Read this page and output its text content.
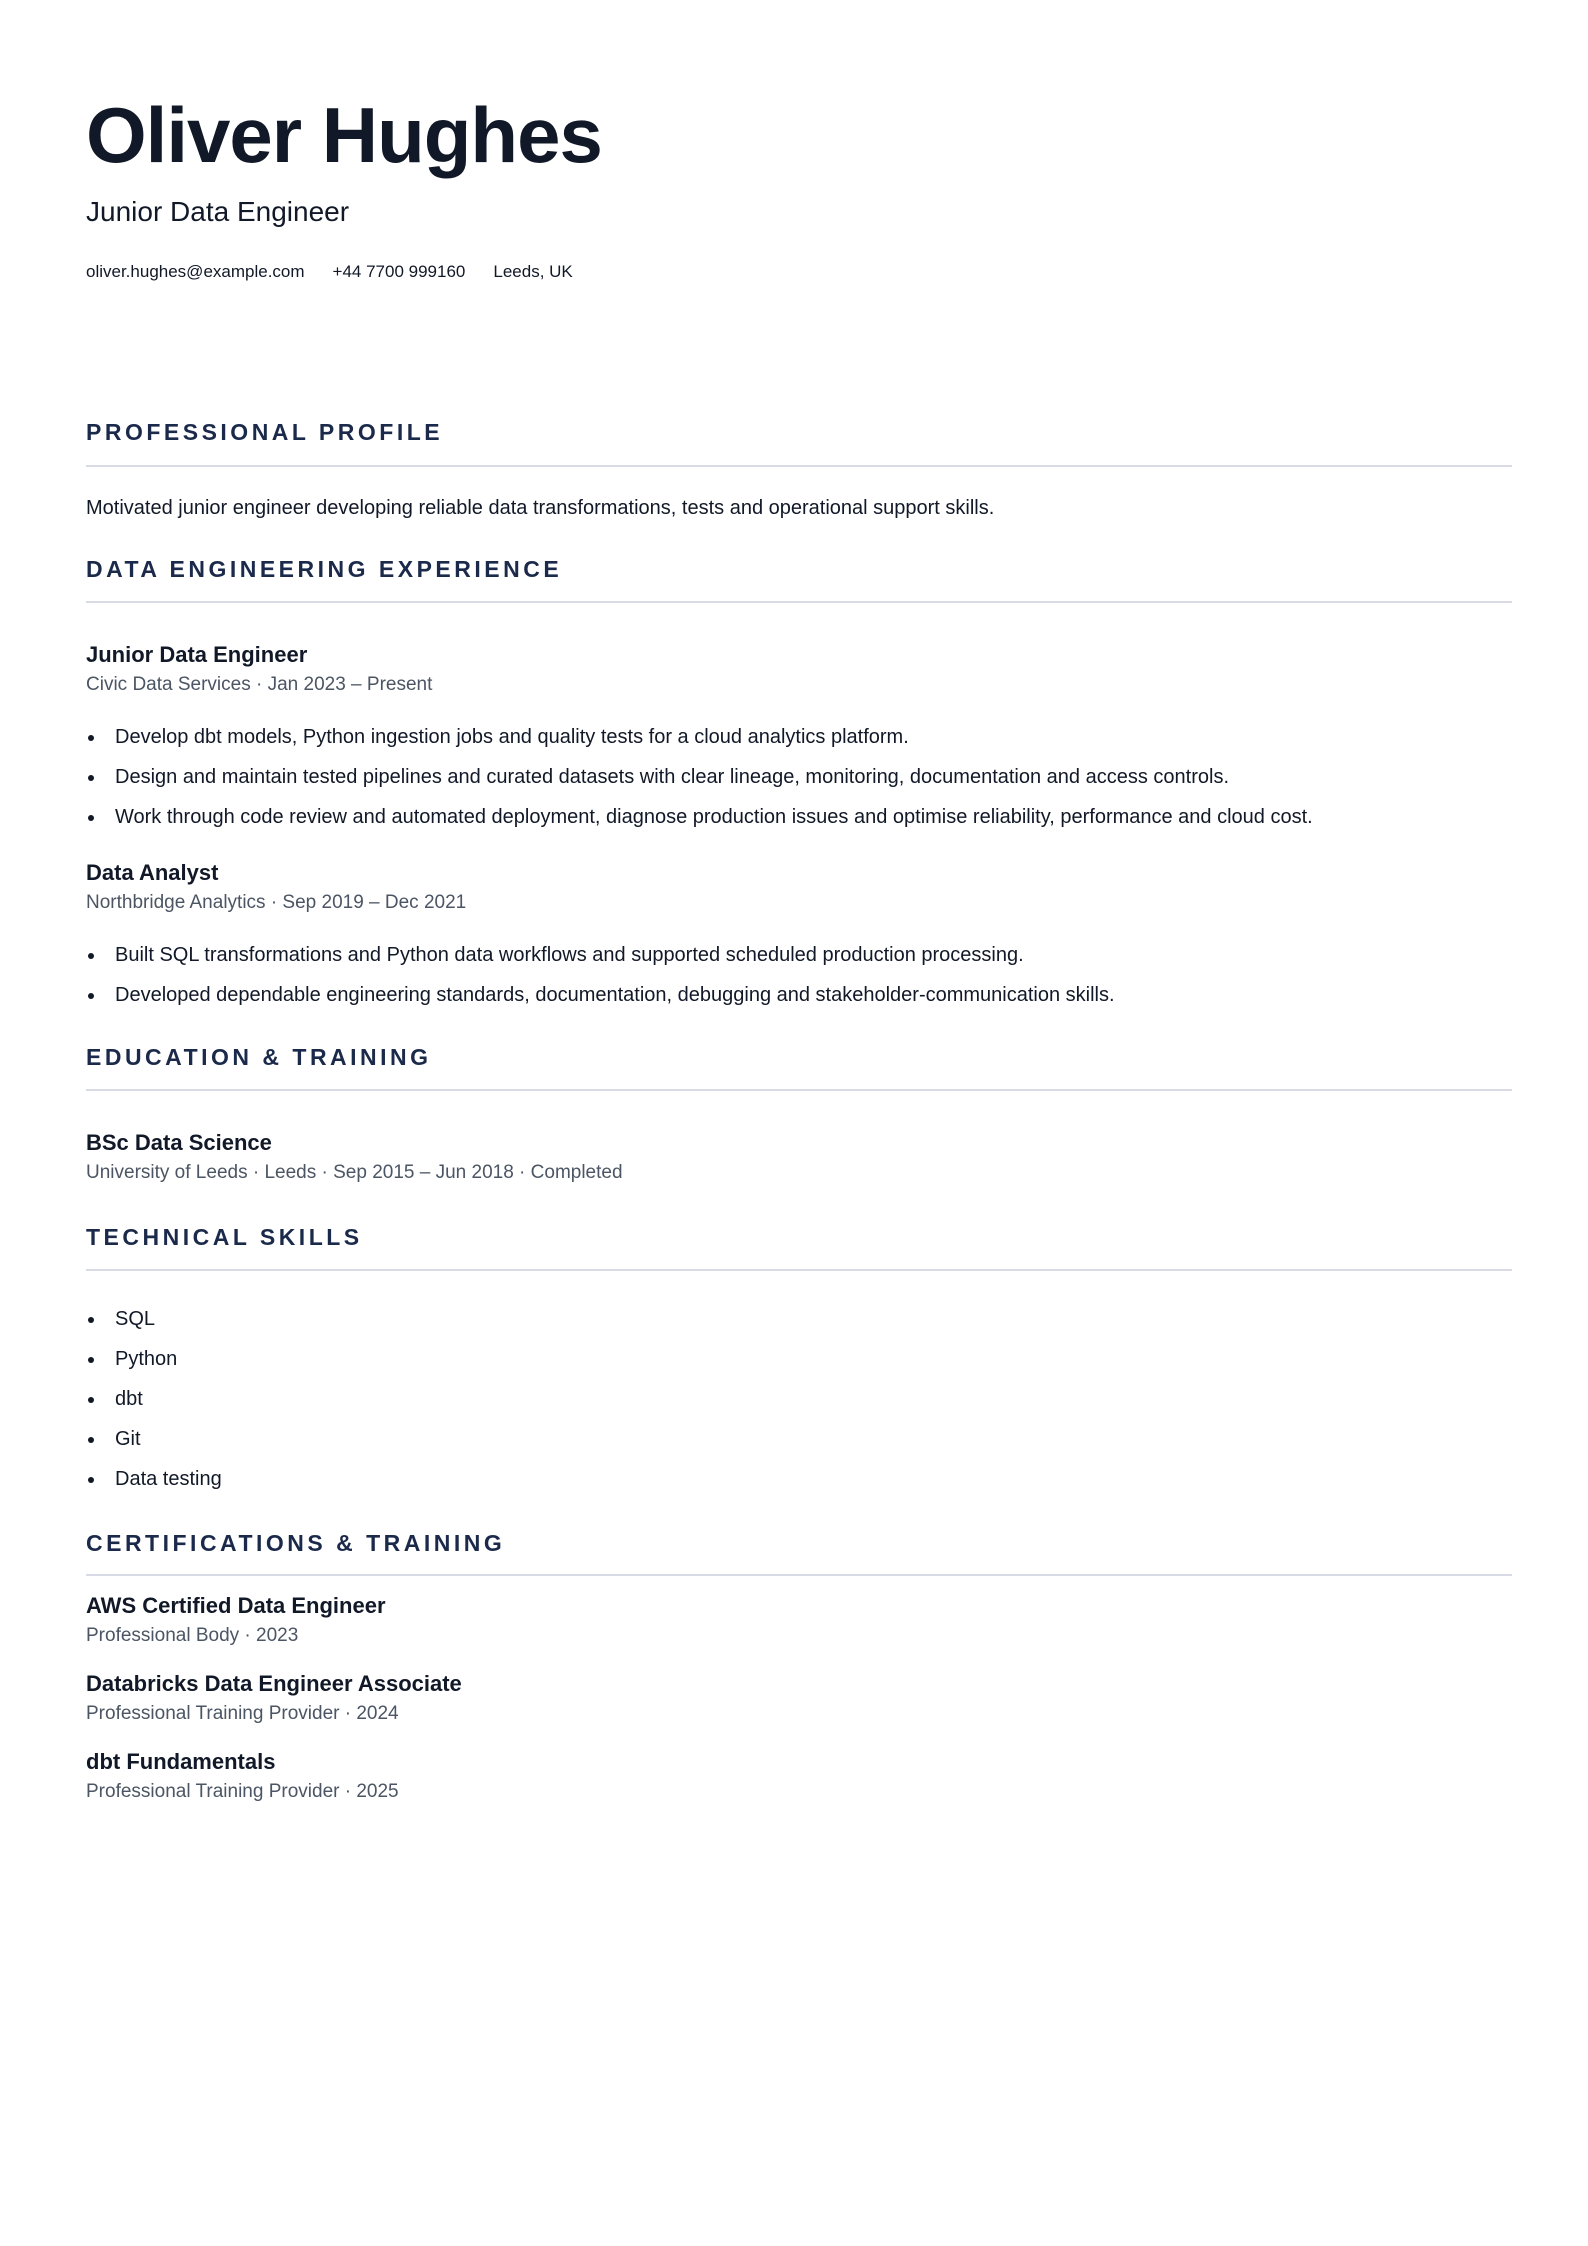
Oliver Hughes
Junior Data Engineer
oliver.hughes@example.com +44 7700 999160 Leeds, UK
PROFESSIONAL PROFILE

Motivated junior engineer developing reliable data transformations, tests and operational support skills.

DATA ENGINEERING EXPERIENCE
Junior Data Engineer
Civic Data Services · Jan 2023 – Present
Develop dbt models, Python ingestion jobs and quality tests for a cloud analytics platform.
Design and maintain tested pipelines and curated datasets with clear lineage, monitoring, documentation and access controls.
Work through code review and automated deployment, diagnose production issues and optimise reliability, performance and cloud cost.
Data Analyst
Northbridge Analytics · Sep 2019 – Dec 2021
Built SQL transformations and Python data workflows and supported scheduled production processing.
Developed dependable engineering standards, documentation, debugging and stakeholder-communication skills.
EDUCATION & TRAINING
BSc Data Science
University of Leeds · Leeds · Sep 2015 – Jun 2018 · Completed
TECHNICAL SKILLS
SQL
Python
dbt
Git
Data testing
CERTIFICATIONS & TRAINING
AWS Certified Data Engineer
Professional Body · 2023
Databricks Data Engineer Associate
Professional Training Provider · 2024
dbt Fundamentals
Professional Training Provider · 2025
